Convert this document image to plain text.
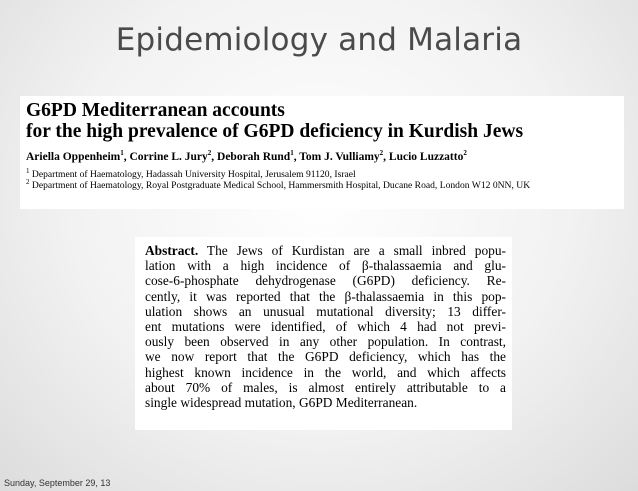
Epidemiology and Malaria
G6PD Mediterranean accounts
for the high prevalence of G6PD deficiency in Kurdish Jews
Ariella Oppenheim$^1$, Corrine L. Jury$^2$, Deborah Rund$^1$, Tom J. Vulliamy$^2$, Lucio Luzzatto$^2$
$^1$ Department of Haematology, Hadassah University Hospital, Jerusalem 91120, Israel
$^2$ Department of Haematology, Royal Postgraduate Medical School, Hammersmith Hospital, Ducane Road, London W12 0NN, UK
Abstract. The Jews of Kurdistan are a small inbred popu-
lation with a high incidence of β-thalassaemia and glu-
cose-6-phosphate dehydrogenase (G6PD) deficiency. Re-
cently, it was reported that the β-thalassaemia in this pop-
ulation shows an unusual mutational diversity; 13 differ-
ent mutations were identified, of which 4 had not previ-
ously been observed in any other population. In contrast,
we now report that the G6PD deficiency, which has the
highest known incidence in the world, and which affects
about 70% of males, is almost entirely attributable to a
single widespread mutation, G6PD Mediterranean.
Sunday, September 29, 13
